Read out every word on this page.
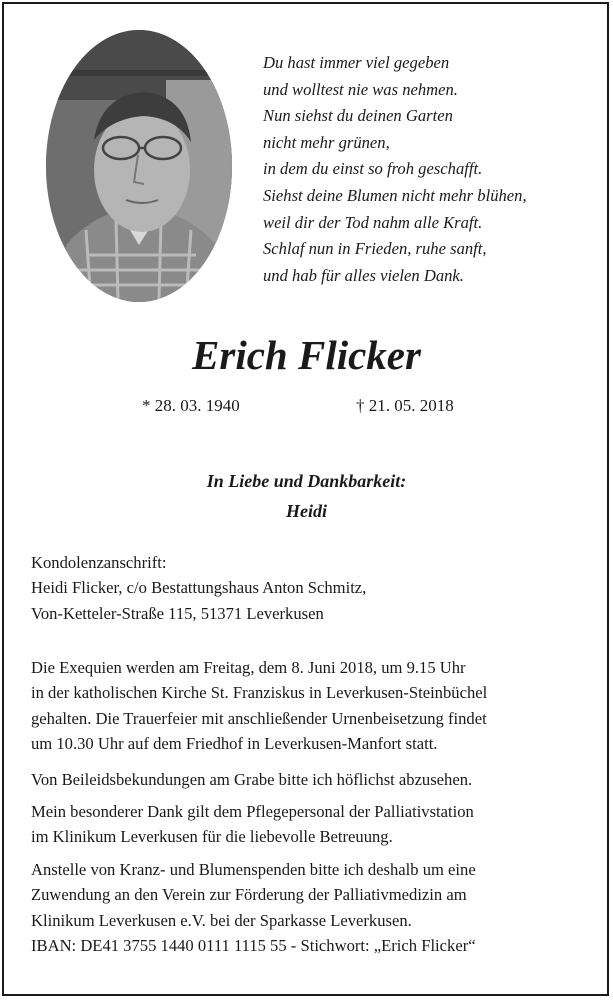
Du hast immer viel gegeben
und wolltest nie was nehmen.
Nun siehst du deinen Garten
nicht mehr grünen,
in dem du einst so froh geschafft.
Siehst deine Blumen nicht mehr blühen,
weil dir der Tod nahm alle Kraft.
Schlaf nun in Frieden, ruhe sanft,
und hab für alles vielen Dank.
Erich Flicker
* 28. 03. 1940	† 21. 05. 2018
In Liebe und Dankbarkeit:
Heidi
Kondolenzanschrift:
Heidi Flicker, c/o Bestattungshaus Anton Schmitz,
Von-Ketteler-Straße 115, 51371 Leverkusen
Die Exequien werden am Freitag, dem 8. Juni 2018, um 9.15 Uhr
in der katholischen Kirche St. Franziskus in Leverkusen-Steinbüchel
gehalten. Die Trauerfeier mit anschließender Urnenbeisetzung findet
um 10.30 Uhr auf dem Friedhof in Leverkusen-Manfort statt.
Von Beileidsbekundungen am Grabe bitte ich höflichst abzusehen.
Mein besonderer Dank gilt dem Pflegepersonal der Palliativstation
im Klinikum Leverkusen für die liebevolle Betreuung.
Anstelle von Kranz- und Blumenspenden bitte ich deshalb um eine
Zuwendung an den Verein zur Förderung der Palliativmedizin am
Klinikum Leverkusen e.V. bei der Sparkasse Leverkusen.
IBAN: DE41 3755 1440 0111 1115 55 - Stichwort: „Erich Flicker“
